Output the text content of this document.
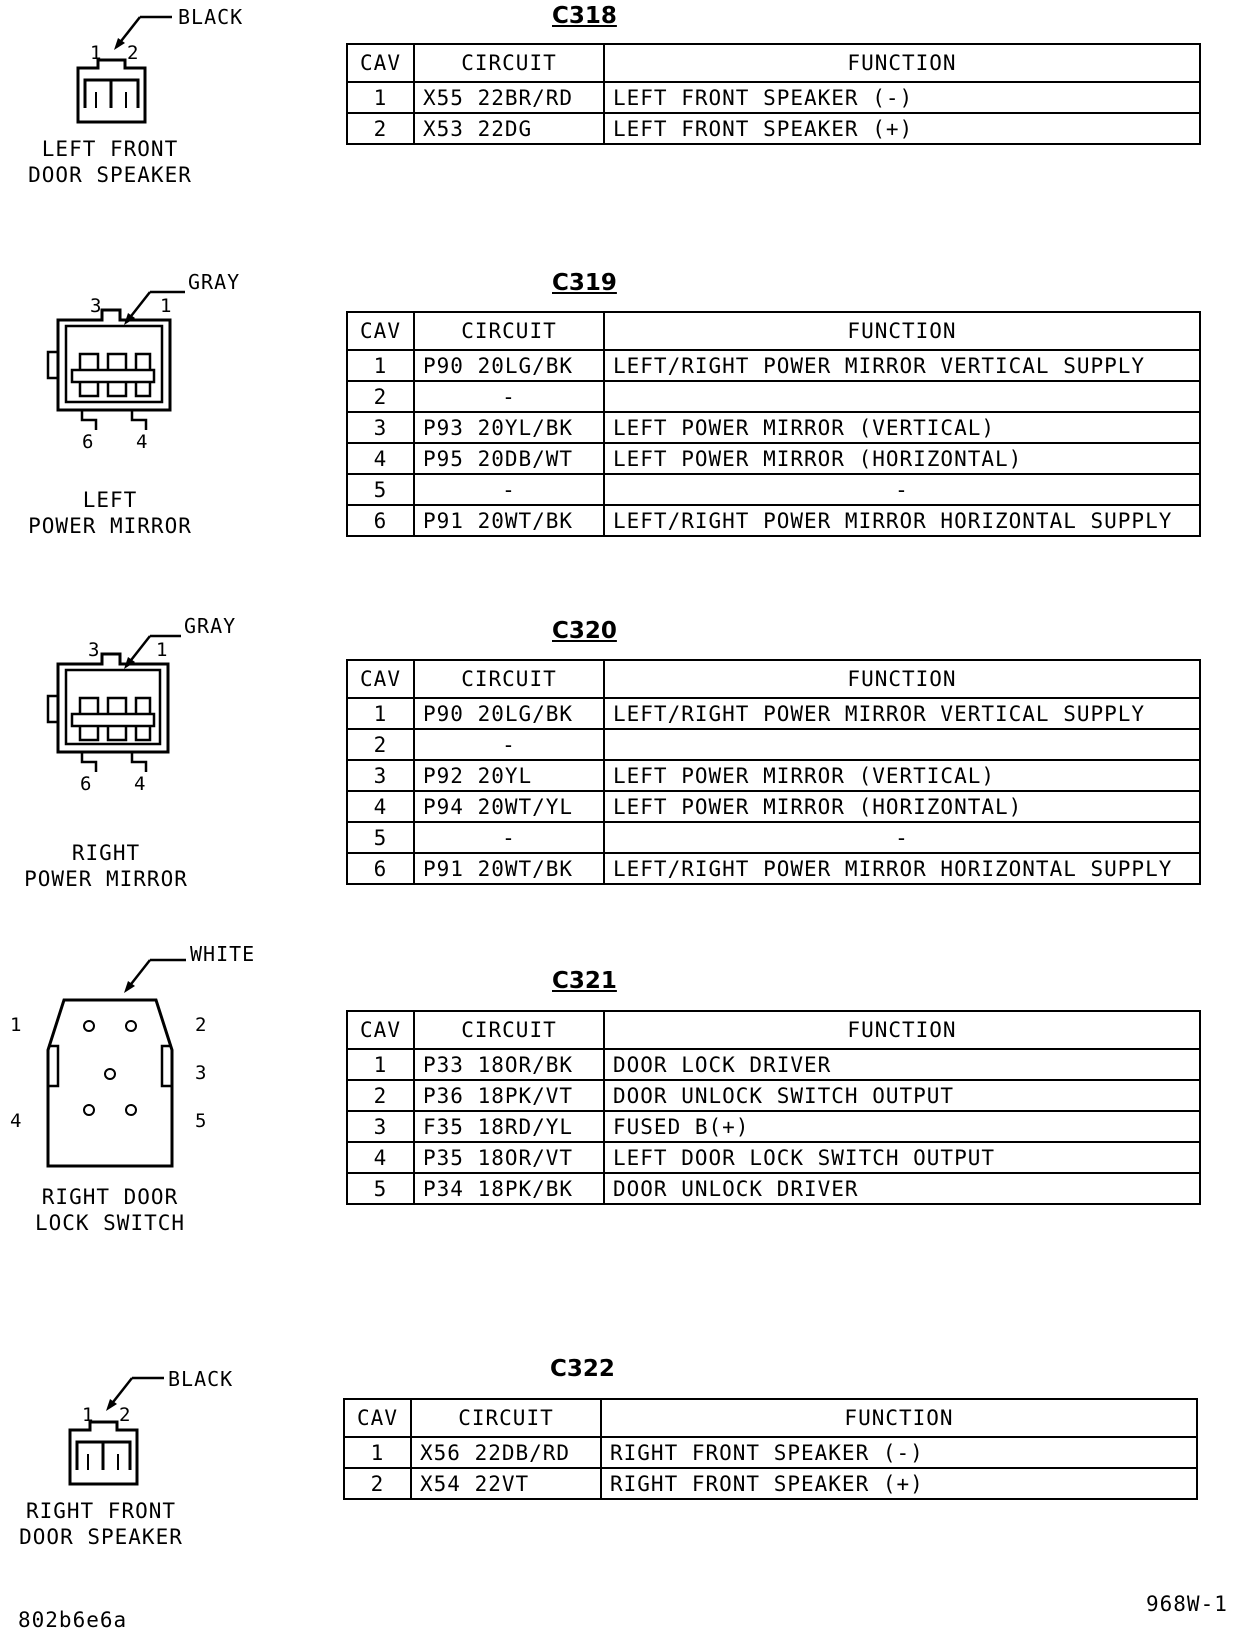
BLACK
1 2
LEFT FRONT
DOOR SPEAKER
C318
CAV	CIRCUIT	FUNCTION
1	X55 22BR/RD	LEFT FRONT SPEAKER (-)
2	X53 22DG	LEFT FRONT SPEAKER (+)
GRAY
3	1
6 4
LEFT
POWER MIRROR
C319
CAV	CIRCUIT	FUNCTION
1	P90 20LG/BK	LEFT/RIGHT POWER MIRROR VERTICAL SUPPLY
2	-	
3	P93 20YL/BK	LEFT POWER MIRROR (VERTICAL)
4	P95 20DB/WT	LEFT POWER MIRROR (HORIZONTAL)
5	-	-
6	P91 20WT/BK	LEFT/RIGHT POWER MIRROR HORIZONTAL SUPPLY
GRAY
3	1
6 4
RIGHT
POWER MIRROR
C320
CAV	CIRCUIT	FUNCTION
1	P90 20LG/BK	LEFT/RIGHT POWER MIRROR VERTICAL SUPPLY
2	-	
3	P92 20YL	LEFT POWER MIRROR (VERTICAL)
4	P94 20WT/YL	LEFT POWER MIRROR (HORIZONTAL)
5	-	-
6	P91 20WT/BK	LEFT/RIGHT POWER MIRROR HORIZONTAL SUPPLY
WHITE
1	2
3
4	5
RIGHT DOOR
LOCK SWITCH
C321
CAV	CIRCUIT	FUNCTION
1	P33 18OR/BK	DOOR LOCK DRIVER
2	P36 18PK/VT	DOOR UNLOCK SWITCH OUTPUT
3	F35 18RD/YL	FUSED B(+)
4	P35 18OR/VT	LEFT DOOR LOCK SWITCH OUTPUT
5	P34 18PK/BK	DOOR UNLOCK DRIVER
BLACK
1 2
RIGHT FRONT
DOOR SPEAKER
C322
CAV	CIRCUIT	FUNCTION
1	X56 22DB/RD	RIGHT FRONT SPEAKER (-)
2	X54 22VT	RIGHT FRONT SPEAKER (+)
968W-1
802b6e6a
